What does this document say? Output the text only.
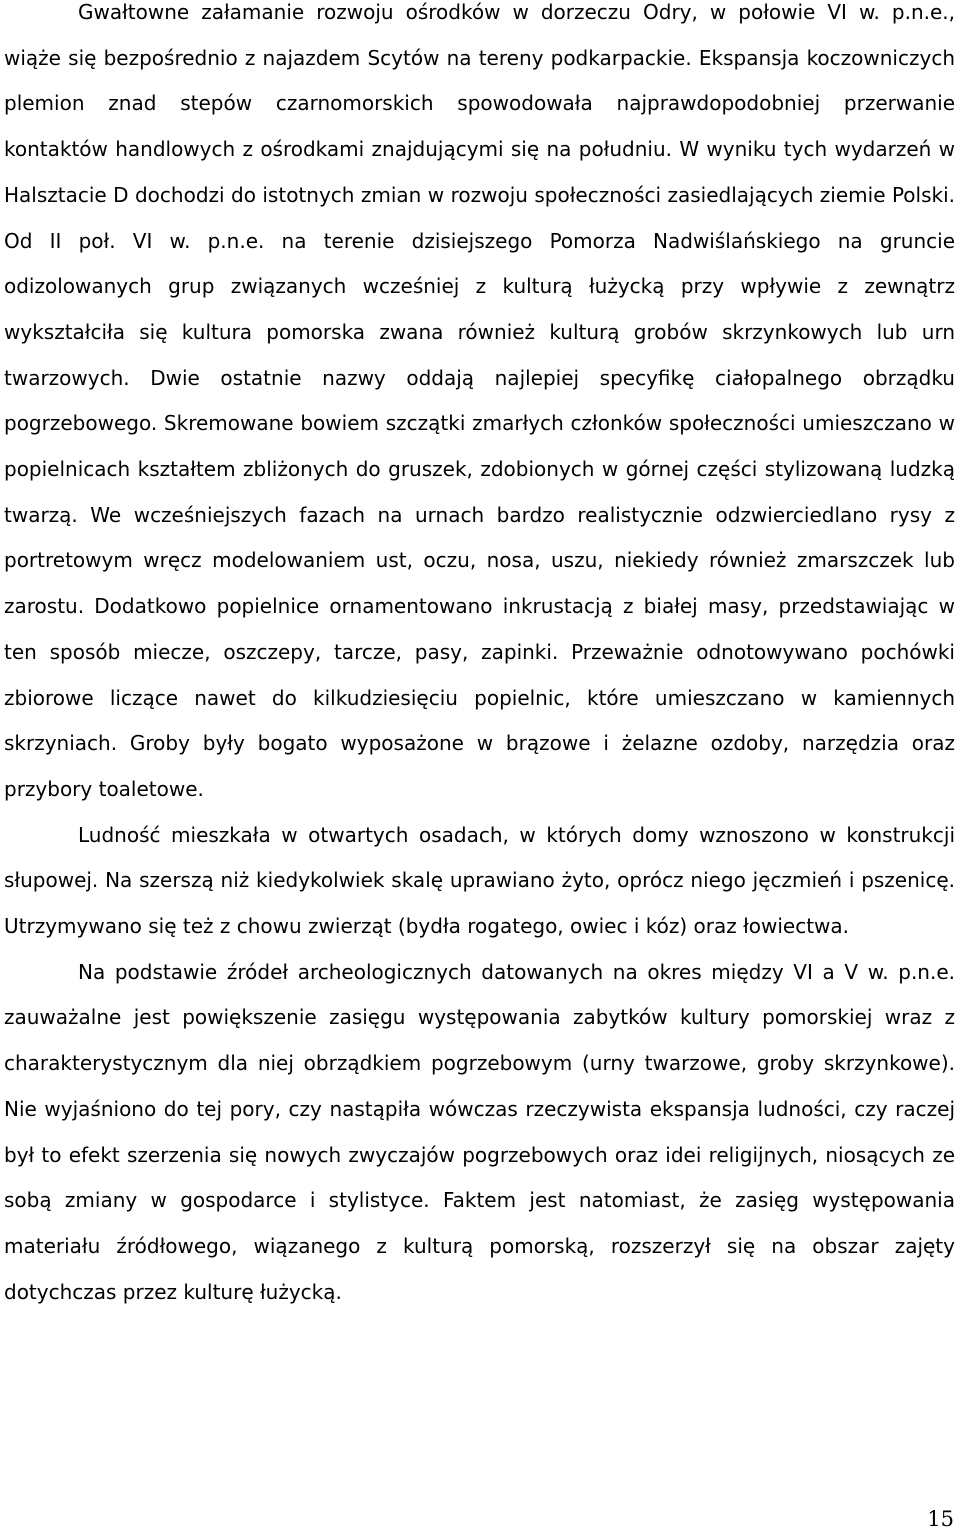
Gwałtowne załamanie rozwoju ośrodków w dorzeczu Odry, w połowie VI w. p.n.e., wiąże się bezpośrednio z najazdem Scytów na tereny podkarpackie. Ekspansja koczowniczych plemion znad stepów czarnomorskich spowodowała najprawdopodobniej przerwanie kontaktów handlowych z ośrodkami znajdującymi się na południu. W wyniku tych wydarzeń w Halsztacie D dochodzi do istotnych zmian w rozwoju społeczności zasiedlających ziemie Polski. Od II poł. VI w. p.n.e. na terenie dzisiejszego Pomorza Nadwiślańskiego na gruncie odizolowanych grup związanych wcześniej z kulturą łużycką przy wpływie z zewnątrz wykształciła się kultura pomorska zwana również kulturą grobów skrzynkowych lub urn twarzowych. Dwie ostatnie nazwy oddają najlepiej specyfikę ciałopalnego obrządku pogrzebowego. Skremowane bowiem szczątki zmarłych członków społeczności umieszczano w popielnicach kształtem zbliżonych do gruszek, zdobionych w górnej części stylizowaną ludzką twarzą. We wcześniejszych fazach na urnach bardzo realistycznie odzwierciedlano rysy z portretowym wręcz modelowaniem ust, oczu, nosa, uszu, niekiedy również zmarszczek lub zarostu. Dodatkowo popielnice ornamentowano inkrustacją z białej masy, przedstawiając w ten sposób miecze, oszczepy, tarcze, pasy, zapinki. Przeważnie odnotowywano pochówki zbiorowe liczące nawet do kilkudziesięciu popielnic, które umieszczano w kamiennych skrzyniach. Groby były bogato wyposażone w brązowe i żelazne ozdoby, narzędzia oraz przybory toaletowe.

Ludność mieszkała w otwartych osadach, w których domy wznoszono w konstrukcji słupowej. Na szerszą niż kiedykolwiek skalę uprawiano żyto, oprócz niego jęczmień i pszenicę. Utrzymywano się też z chowu zwierząt (bydła rogatego, owiec i kóz) oraz łowiectwa.

Na podstawie źródeł archeologicznych datowanych na okres między VI a V w. p.n.e. zauważalne jest powiększenie zasięgu występowania zabytków kultury pomorskiej wraz z charakterystycznym dla niej obrządkiem pogrzebowym (urny twarzowe, groby skrzynkowe). Nie wyjaśniono do tej pory, czy nastąpiła wówczas rzeczywista ekspansja ludności, czy raczej był to efekt szerzenia się nowych zwyczajów pogrzebowych oraz idei religijnych, niosących ze sobą zmiany w gospodarce i stylistyce. Faktem jest natomiast, że zasięg występowania materiału źródłowego, wiązanego z kulturą pomorską, rozszerzył się na obszar zajęty dotychczas przez kulturę łużycką.

15
